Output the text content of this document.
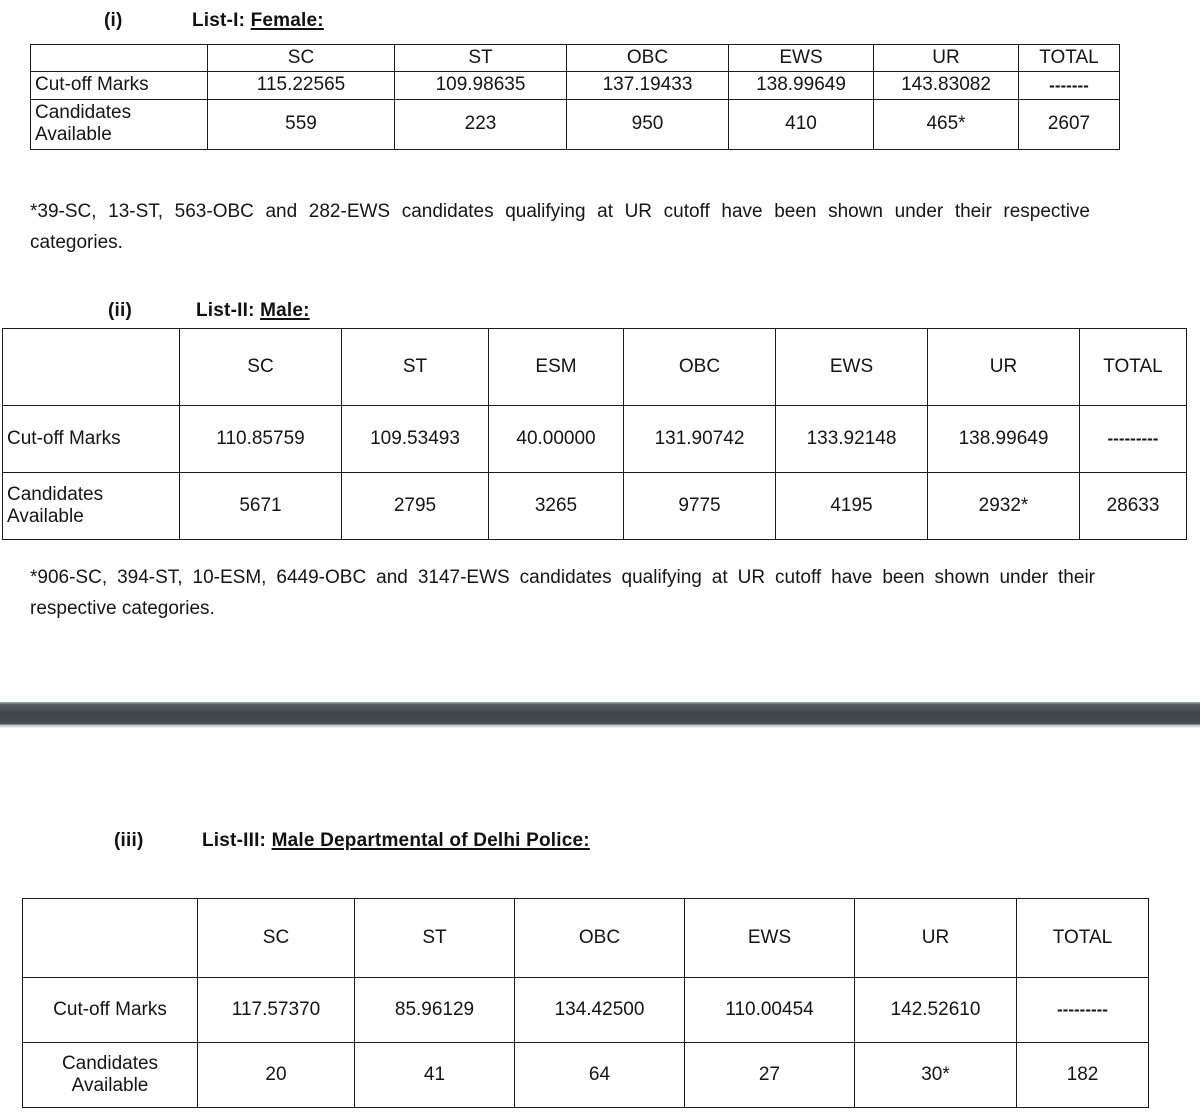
(i)	List-I: Female:
	SC	ST	OBC	EWS	UR	TOTAL
Cut-off Marks	115.22565	109.98635	137.19433	138.99649	143.83082	-------
Candidates Available	559	223	950	410	465*	2607
*39-SC, 13-ST, 563-OBC and 282-EWS candidates qualifying at UR cutoff have been shown under their respective categories.
(ii)	List-II: Male:
	SC	ST	ESM	OBC	EWS	UR	TOTAL
Cut-off Marks	110.85759	109.53493	40.00000	131.90742	133.92148	138.99649	---------
Candidates Available	5671	2795	3265	9775	4195	2932*	28633
*906-SC, 394-ST, 10-ESM, 6449-OBC and 3147-EWS candidates qualifying at UR cutoff have been shown under their respective categories.
(iii)	List-III: Male Departmental of Delhi Police:
	SC	ST	OBC	EWS	UR	TOTAL
Cut-off Marks	117.57370	85.96129	134.42500	110.00454	142.52610	---------
Candidates Available	20	41	64	27	30*	182
